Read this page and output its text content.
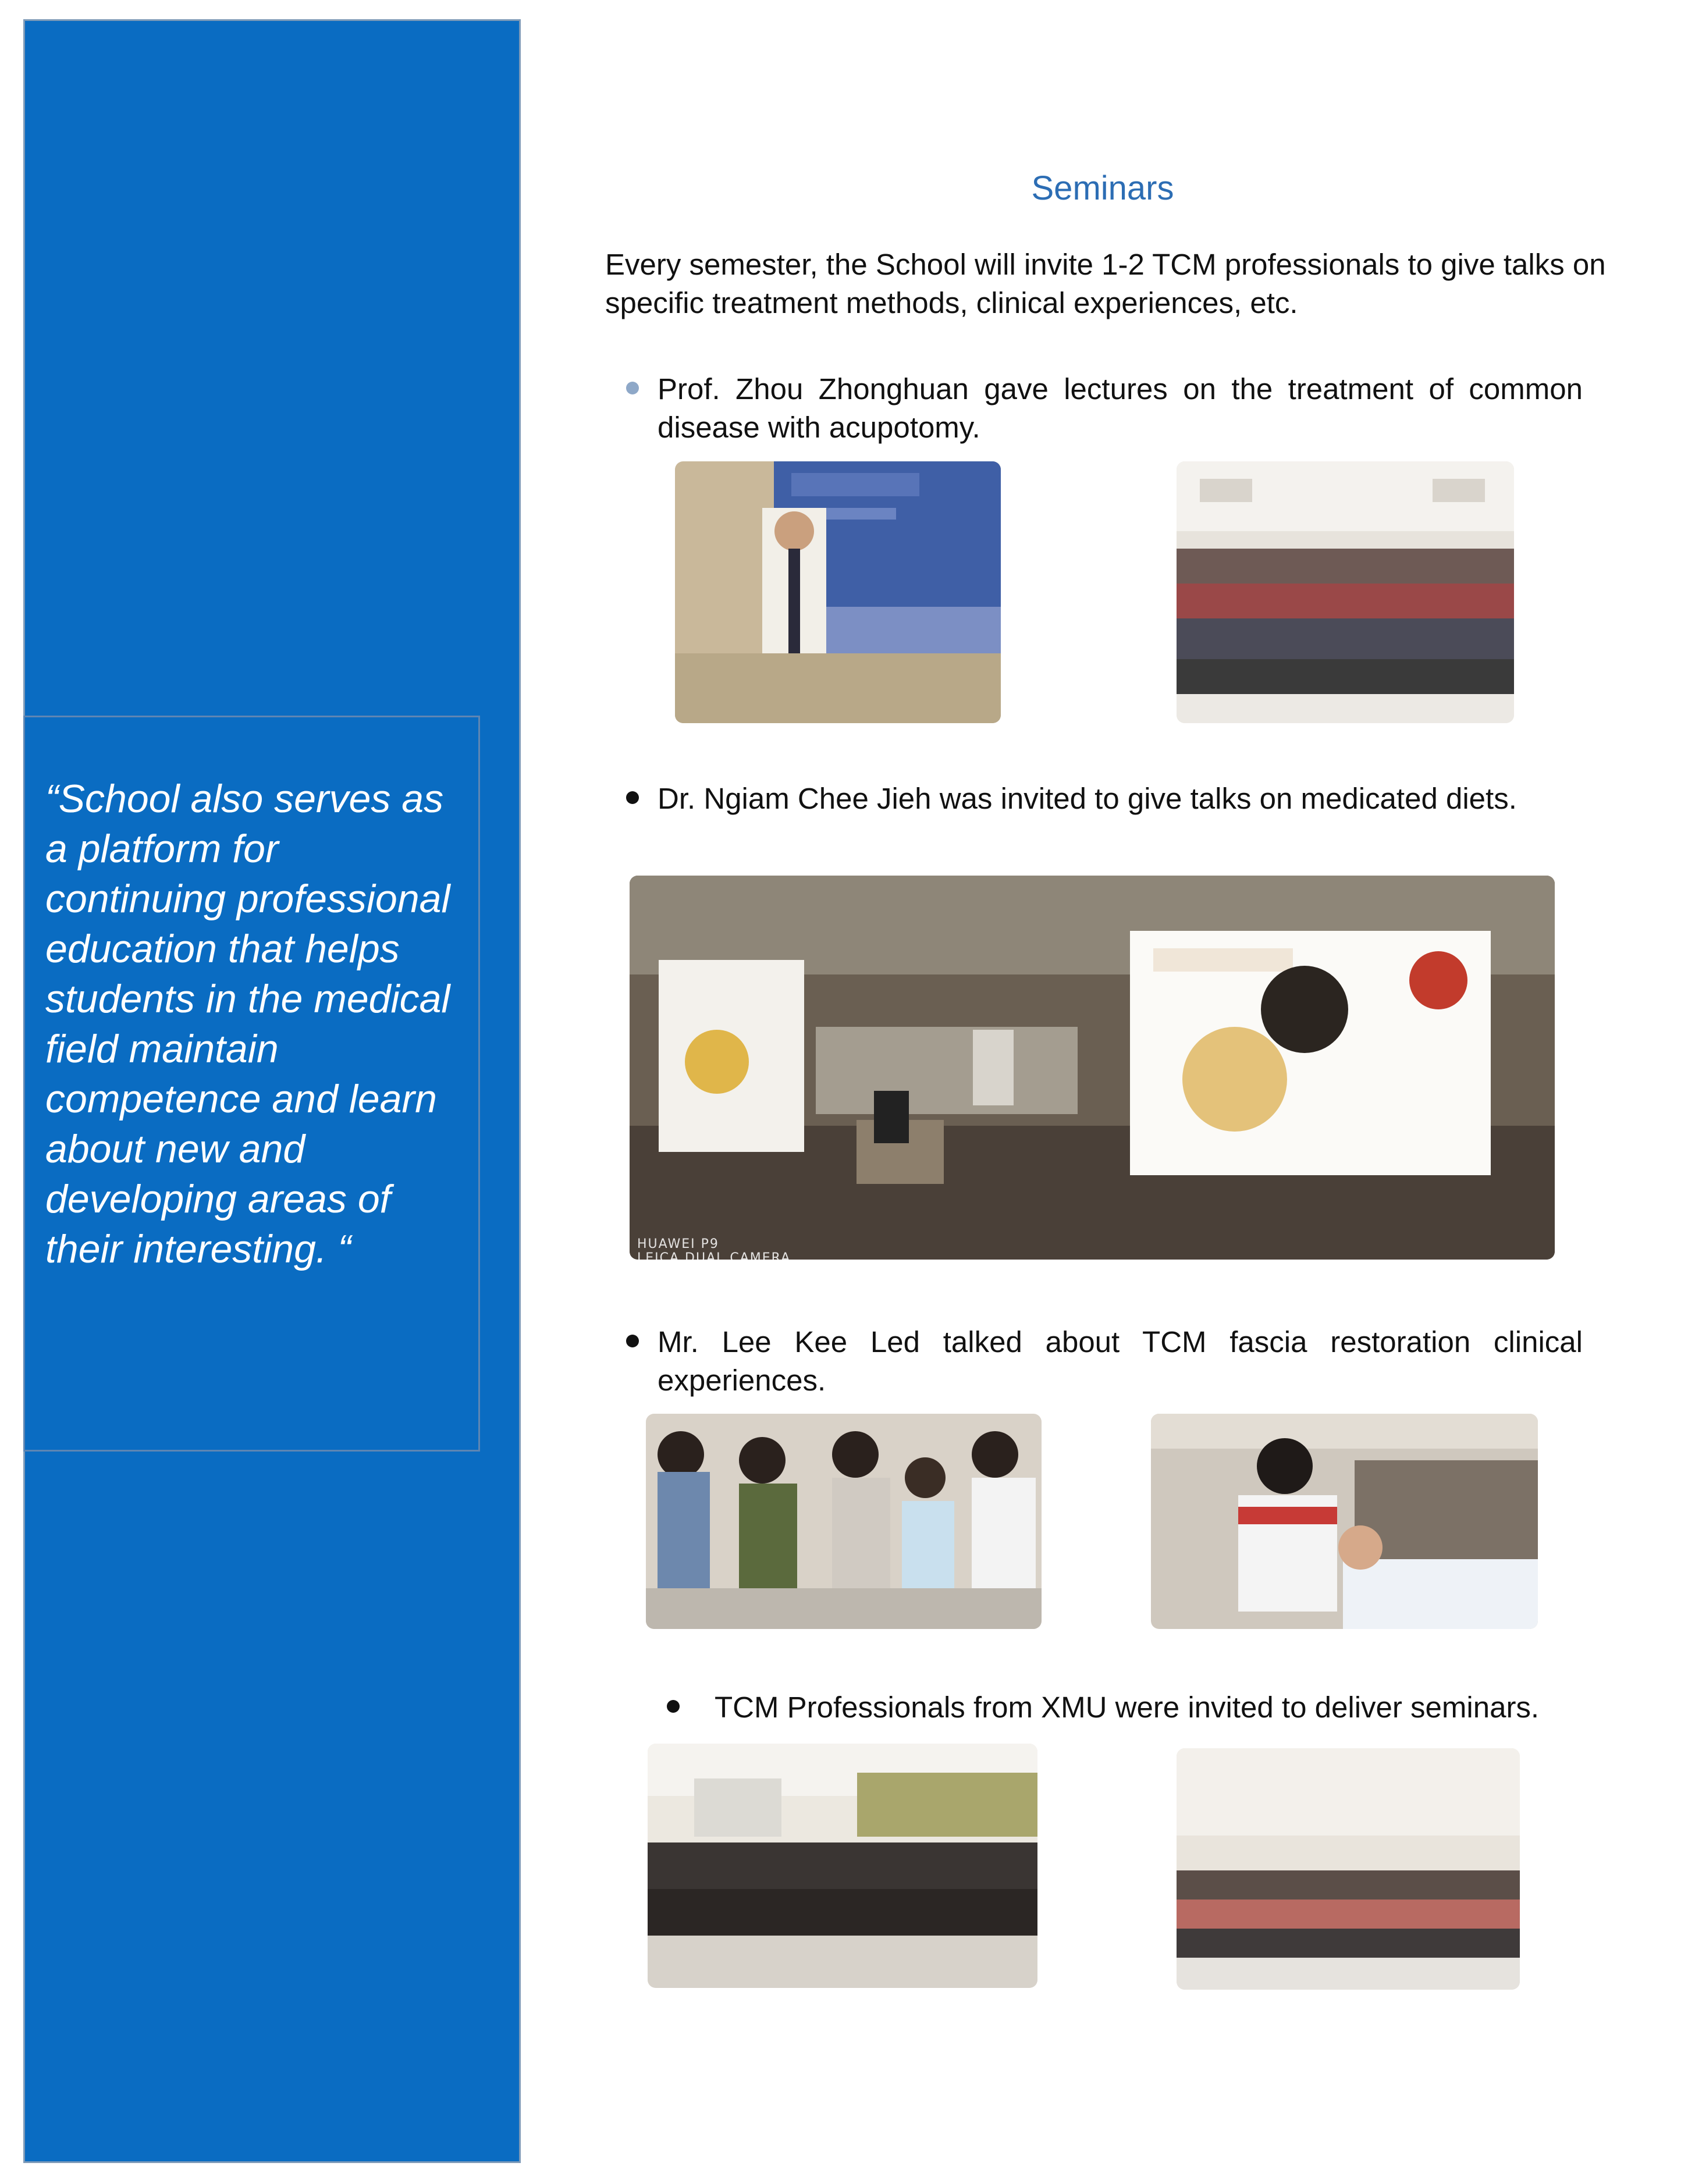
“School also serves as a platform for continuing professional education that helps students in the medical field maintain competence and learn about new and developing areas of their interesting. “

Seminars

Every semester, the School will invite 1-2 TCM professionals to give talks on specific treatment methods, clinical experiences, etc.

Prof. Zhou Zhonghuan gave lectures on the treatment of common disease with acupotomy.

Dr. Ngiam Chee Jieh was invited to give talks on medicated diets.

HUAWEI P9
LEICA DUAL CAMERA

Mr. Lee Kee Led talked about TCM fascia restoration clinical experiences.

TCM Professionals from XMU were invited to deliver seminars.
